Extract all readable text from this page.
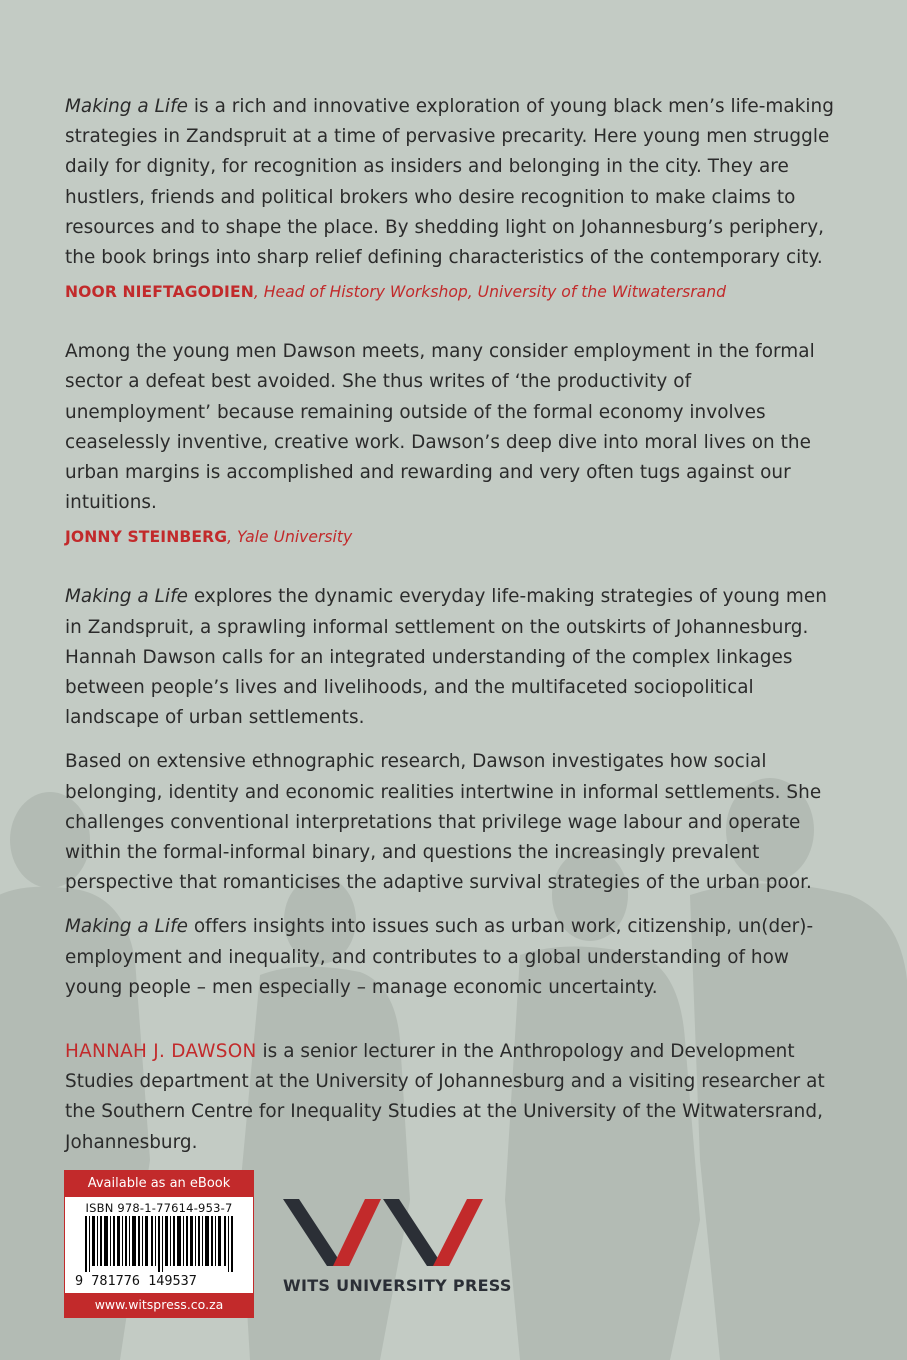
Making a Life is a rich and innovative exploration of young black men’s life-making strategies in Zandspruit at a time of pervasive precarity. Here young men struggle daily for dignity, for recognition as insiders and belonging in the city. They are hustlers, friends and political brokers who desire recognition to make claims to resources and to shape the place. By shedding light on Johannesburg’s periphery, the book brings into sharp relief defining characteristics of the contemporary city.

NOOR NIEFTAGODIEN, Head of History Workshop, University of the Witwatersrand

Among the young men Dawson meets, many consider employment in the formal sector a defeat best avoided. She thus writes of ‘the productivity of unemployment’ because remaining outside of the formal economy involves ceaselessly inventive, creative work. Dawson’s deep dive into moral lives on the urban margins is accomplished and rewarding and very often tugs against our intuitions.

JONNY STEINBERG, Yale University

Making a Life explores the dynamic everyday life-making strategies of young men in Zandspruit, a sprawling informal settlement on the outskirts of Johannesburg. Hannah Dawson calls for an integrated understanding of the complex linkages between people’s lives and livelihoods, and the multifaceted sociopolitical landscape of urban settlements.

Based on extensive ethnographic research, Dawson investigates how social belonging, identity and economic realities intertwine in informal settlements. She challenges conventional interpretations that privilege wage labour and operate within the formal-informal binary, and questions the increasingly prevalent perspective that romanticises the adaptive survival strategies of the urban poor.

Making a Life offers insights into issues such as urban work, citizenship, un(der)-employment and inequality, and contributes to a global understanding of how young people – men especially – manage economic uncertainty.

HANNAH J. DAWSON is a senior lecturer in the Anthropology and Development Studies department at the University of Johannesburg and a visiting researcher at the Southern Centre for Inequality Studies at the University of the Witwatersrand, Johannesburg.

Available as an eBook
ISBN 978-1-77614-953-7
9 781776 149537
www.witspress.co.za
WITS UNIVERSITY PRESS
